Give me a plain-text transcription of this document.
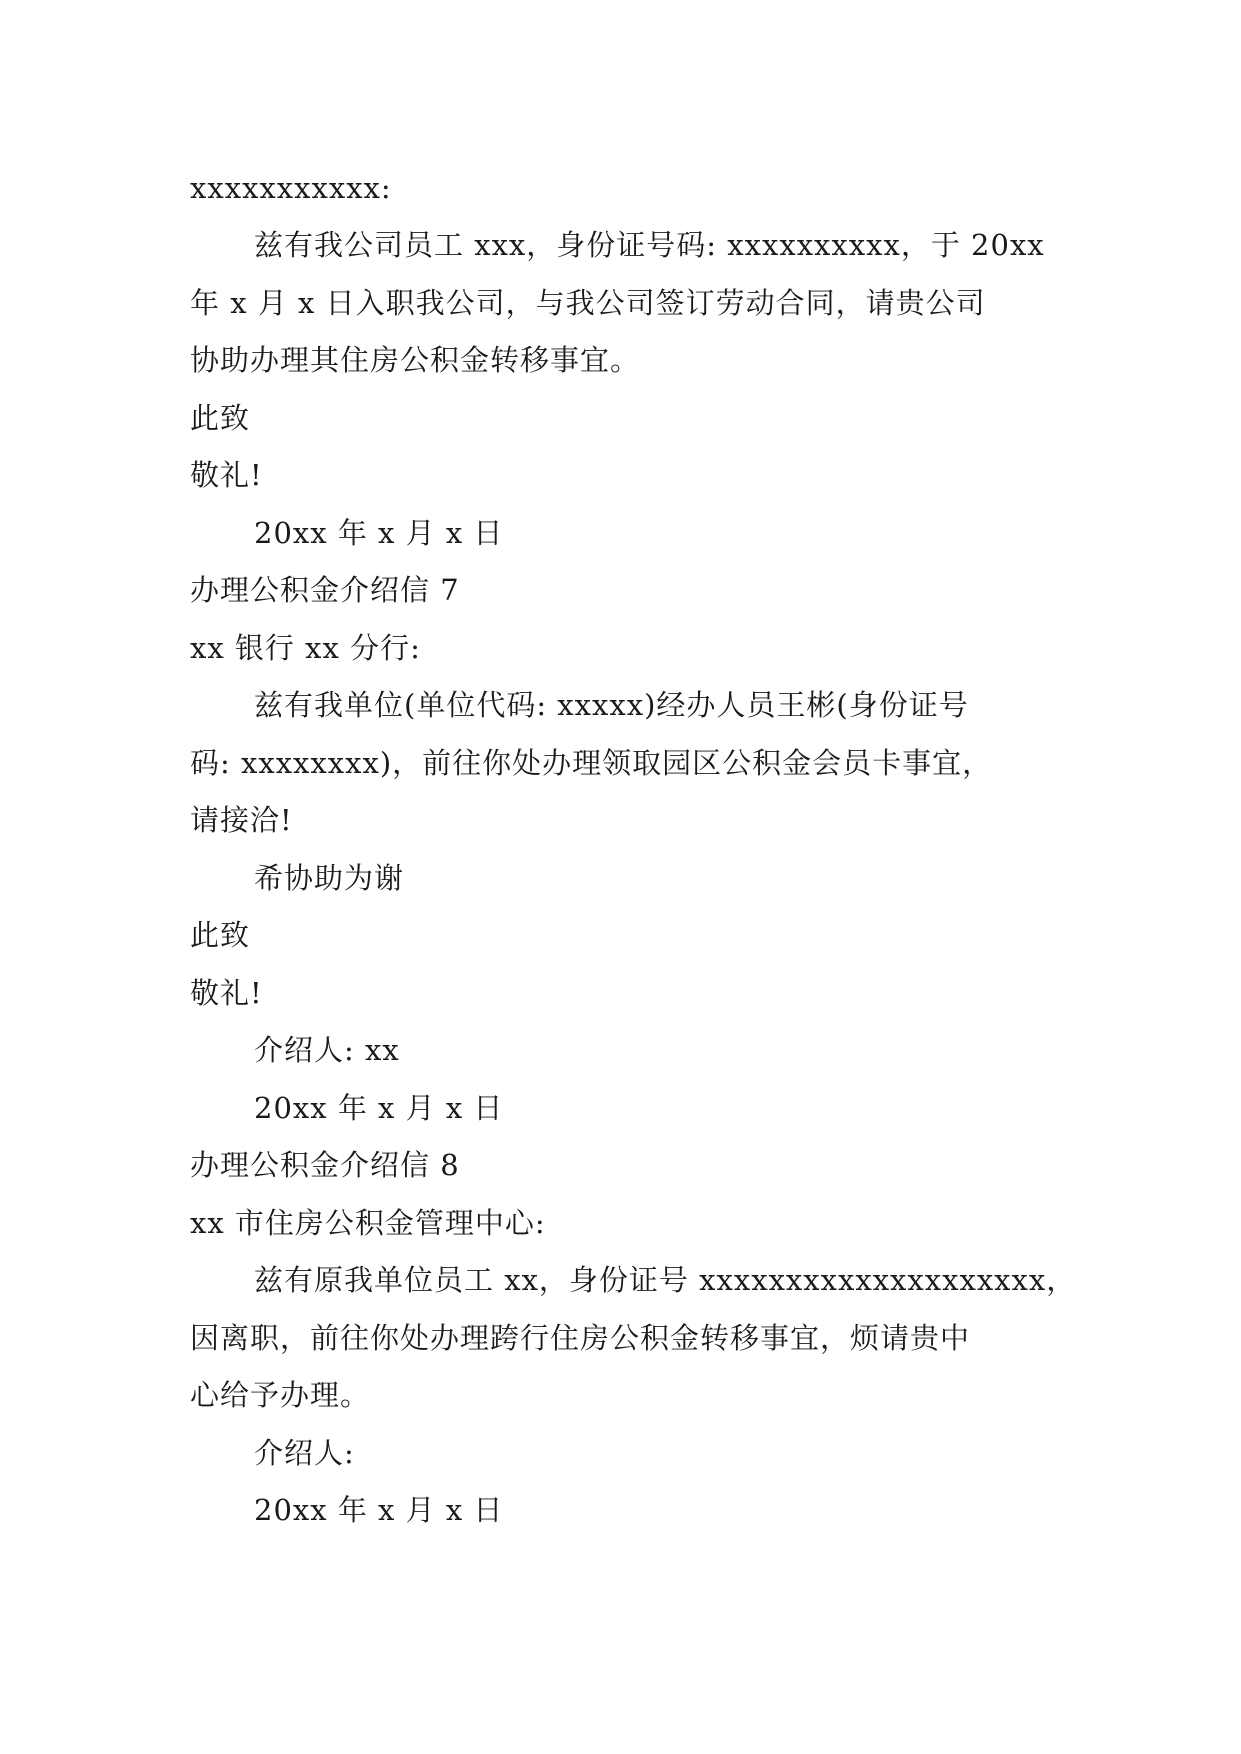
xxxxxxxxxxx:
兹有我公司员工 xxx，身份证号码: xxxxxxxxxx，于 20xx
年 x 月 x 日入职我公司，与我公司签订劳动合同，请贵公司
协助办理其住房公积金转移事宜。
此致
敬礼!
20xx 年 x 月 x 日
办理公积金介绍信 7
xx 银行 xx 分行:
兹有我单位(单位代码: xxxxx)经办人员王彬(身份证号
码: xxxxxxxx)，前往你处办理领取园区公积金会员卡事宜，
请接洽!
希协助为谢
此致
敬礼!
介绍人: xx
20xx 年 x 月 x 日
办理公积金介绍信 8
xx 市住房公积金管理中心:
兹有原我单位员工 xx，身份证号 xxxxxxxxxxxxxxxxxxxx，
因离职，前往你处办理跨行住房公积金转移事宜，烦请贵中
心给予办理。
介绍人:
20xx 年 x 月 x 日
